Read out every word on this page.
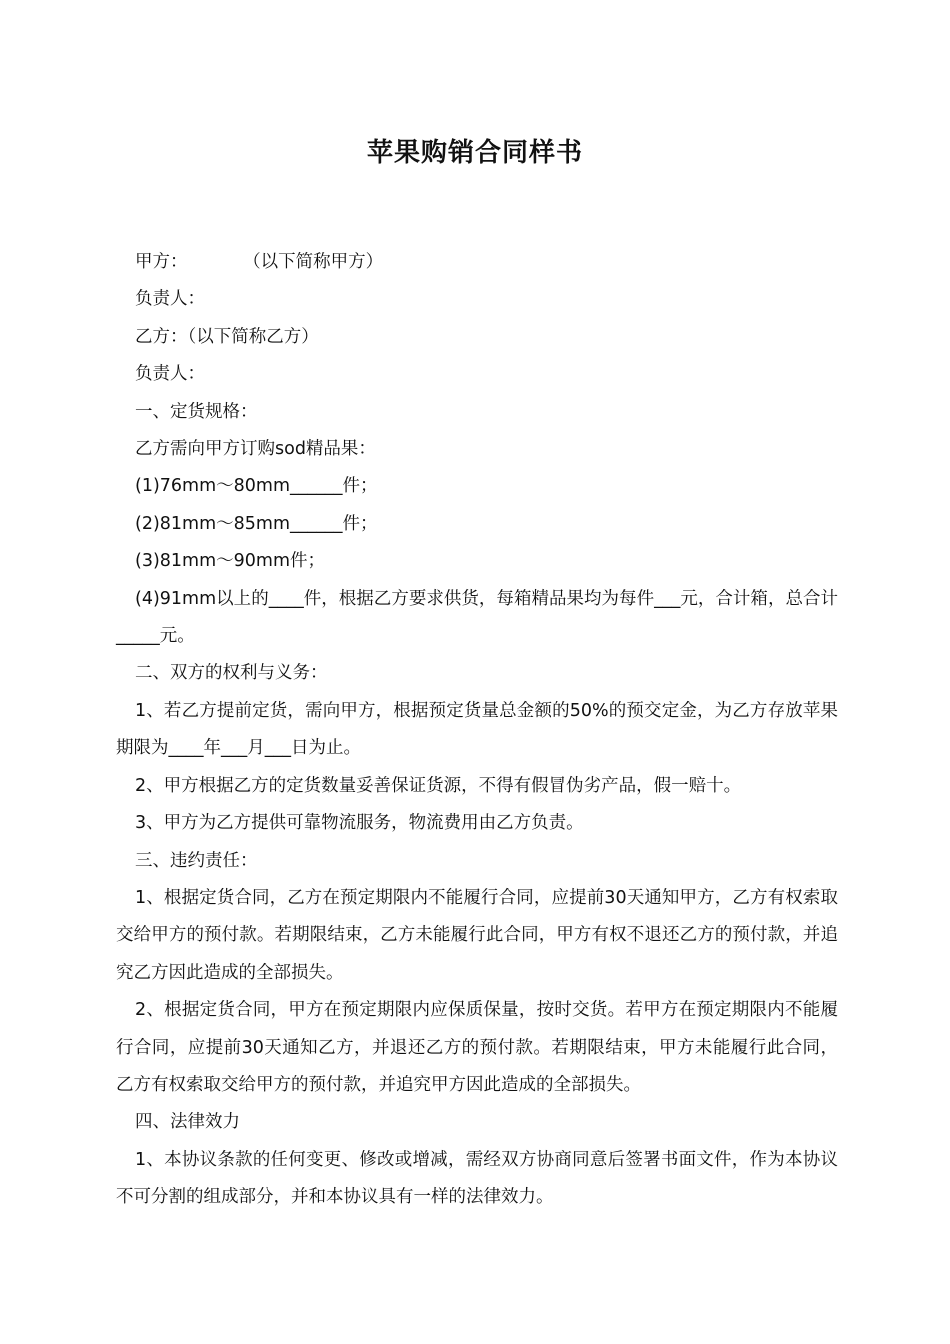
苹果购销合同样书

甲方：          （以下简称甲方）

负责人：

乙方：（以下简称乙方）

负责人：

一、定货规格：

乙方需向甲方订购sod精品果：

(1)76mm～80mm______件；

(2)81mm～85mm______件；

(3)81mm～90mm件；

(4)91mm以上的____件，根据乙方要求供货，每箱精品果均为每件___元，合计箱，总合计_____元。

二、双方的权利与义务：

1、若乙方提前定货，需向甲方，根据预定货量总金额的50%的预交定金，为乙方存放苹果期限为____年___月___日为止。

2、甲方根据乙方的定货数量妥善保证货源，不得有假冒伪劣产品，假一赔十。

3、甲方为乙方提供可靠物流服务，物流费用由乙方负责。

三、违约责任：

1、根据定货合同，乙方在预定期限内不能履行合同，应提前30天通知甲方，乙方有权索取交给甲方的预付款。若期限结束，乙方未能履行此合同，甲方有权不退还乙方的预付款，并追究乙方因此造成的全部损失。

2、根据定货合同，甲方在预定期限内应保质保量，按时交货。若甲方在预定期限内不能履行合同，应提前30天通知乙方，并退还乙方的预付款。若期限结束，甲方未能履行此合同，乙方有权索取交给甲方的预付款，并追究甲方因此造成的全部损失。

四、法律效力

1、本协议条款的任何变更、修改或增减，需经双方协商同意后签署书面文件，作为本协议不可分割的组成部分，并和本协议具有一样的法律效力。
